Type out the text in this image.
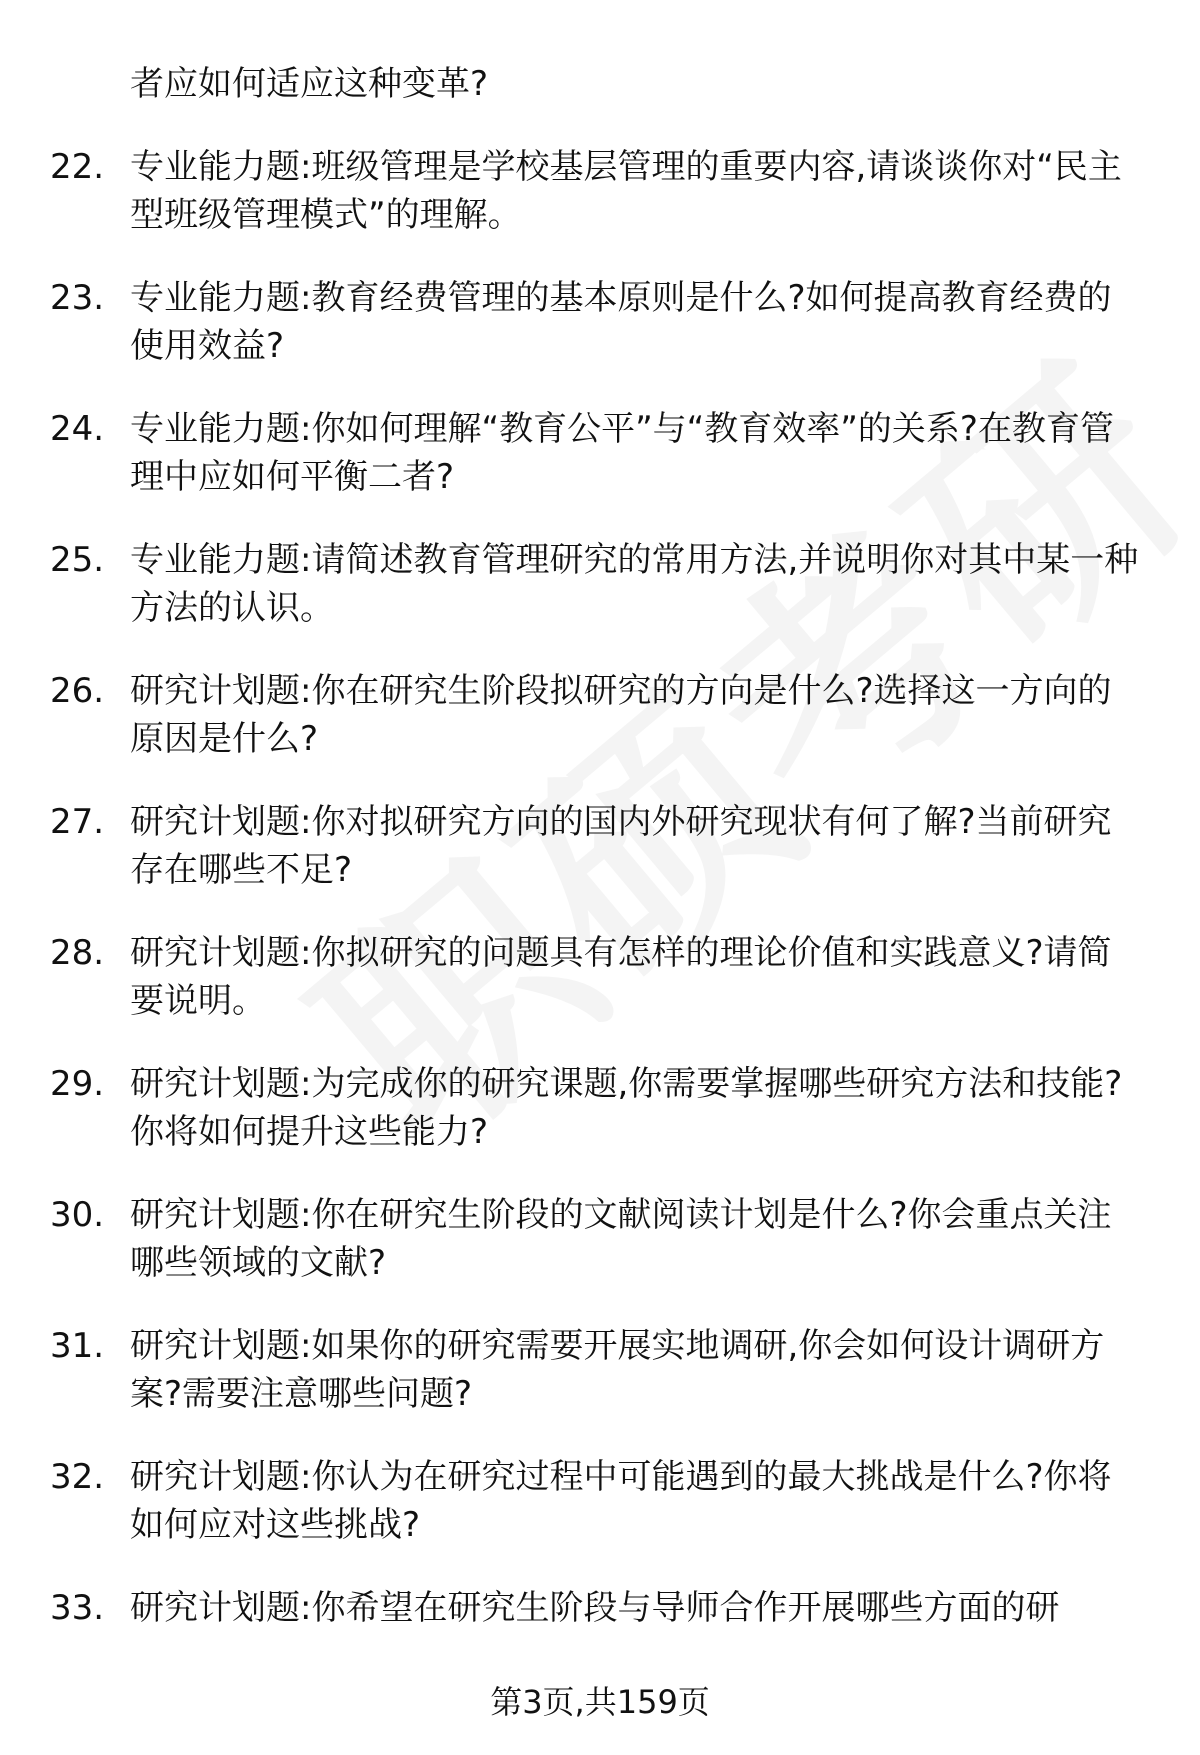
者应如何适应这种变革?
22. 专业能力题:班级管理是学校基层管理的重要内容,请谈谈你对“民主型班级管理模式”的理解。
23. 专业能力题:教育经费管理的基本原则是什么?如何提高教育经费的使用效益?
24. 专业能力题:你如何理解“教育公平”与“教育效率”的关系?在教育管理中应如何平衡二者?
25. 专业能力题:请简述教育管理研究的常用方法,并说明你对其中某一种方法的认识。
26. 研究计划题:你在研究生阶段拟研究的方向是什么?选择这一方向的原因是什么?
27. 研究计划题:你对拟研究方向的国内外研究现状有何了解?当前研究存在哪些不足?
28. 研究计划题:你拟研究的问题具有怎样的理论价值和实践意义?请简要说明。
29. 研究计划题:为完成你的研究课题,你需要掌握哪些研究方法和技能?你将如何提升这些能力?
30. 研究计划题:你在研究生阶段的文献阅读计划是什么?你会重点关注哪些领域的文献?
31. 研究计划题:如果你的研究需要开展实地调研,你会如何设计调研方案?需要注意哪些问题?
32. 研究计划题:你认为在研究过程中可能遇到的最大挑战是什么?你将如何应对这些挑战?
33. 研究计划题:你希望在研究生阶段与导师合作开展哪些方面的研
第3页,共159页
